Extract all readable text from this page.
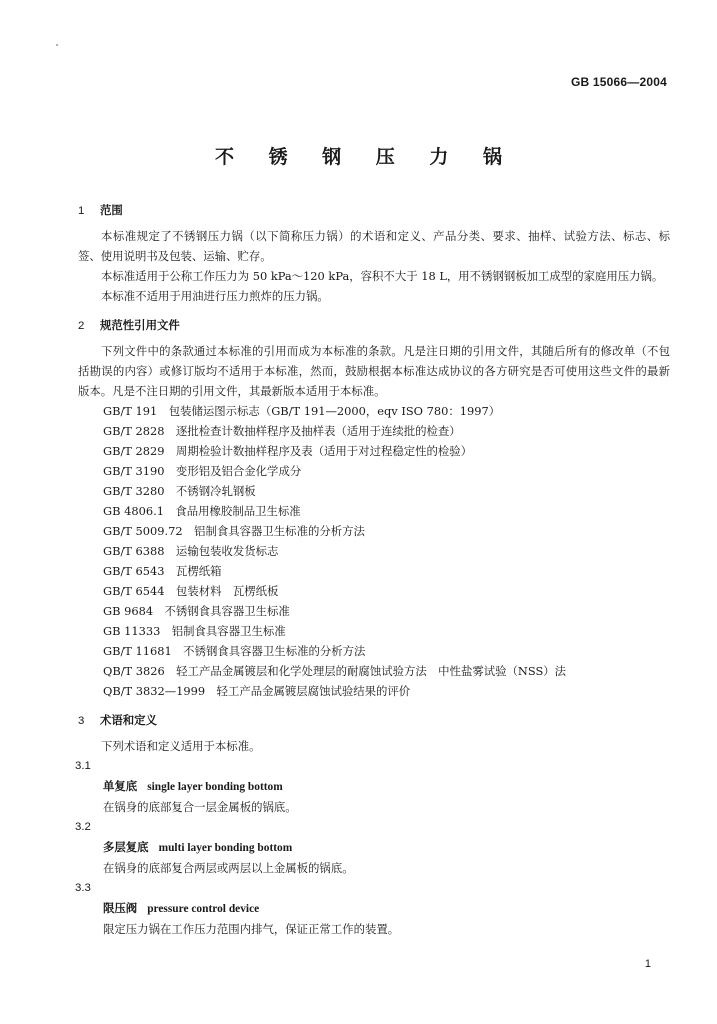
GB 15066—2004
不 锈 钢 压 力 锅
1 范围

本标准规定了不锈钢压力锅（以下简称压力锅）的术语和定义、产品分类、要求、抽样、试验方法、标志、标签、使用说明书及包装、运输、贮存。

本标准适用于公称工作压力为 50 kPa～120 kPa，容积不大于 18 L，用不锈钢钢板加工成型的家庭用压力锅。

本标准不适用于用油进行压力煎炸的压力锅。

2 规范性引用文件

下列文件中的条款通过本标准的引用而成为本标准的条款。凡是注日期的引用文件，其随后所有的修改单（不包括勘误的内容）或修订版均不适用于本标准，然而，鼓励根据本标准达成协议的各方研究是否可使用这些文件的最新版本。凡是不注日期的引用文件，其最新版本适用于本标准。

GB/T 191　 包装储运图示标志（GB/T 191—2000，eqv ISO 780：1997）

GB/T 2828　 逐批检查计数抽样程序及抽样表（适用于连续批的检查）

GB/T 2829　 周期检验计数抽样程序及表（适用于对过程稳定性的检验）

GB/T 3190　 变形铝及铝合金化学成分

GB/T 3280　 不锈钢冷轧钢板

GB 4806.1　 食品用橡胶制品卫生标准

GB/T 5009.72　 铝制食具容器卫生标准的分析方法

GB/T 6388　 运输包装收发货标志

GB/T 6543　 瓦楞纸箱

GB/T 6544　 包装材料　瓦楞纸板

GB 9684　 不锈钢食具容器卫生标准

GB 11333　 铝制食具容器卫生标准

GB/T 11681　 不锈钢食具容器卫生标准的分析方法

QB/T 3826　 轻工产品金属镀层和化学处理层的耐腐蚀试验方法　中性盐雾试验（NSS）法

QB/T 3832—1999　 轻工产品金属镀层腐蚀试验结果的评价

3 术语和定义

下列术语和定义适用于本标准。

3.1
单复底 single layer bonding bottom
在锅身的底部复合一层金属板的锅底。
3.2
多层复底 multi layer bonding bottom
在锅身的底部复合两层或两层以上金属板的锅底。
3.3
限压阀 pressure control device
限定压力锅在工作压力范围内排气，保证正常工作的装置。
1
